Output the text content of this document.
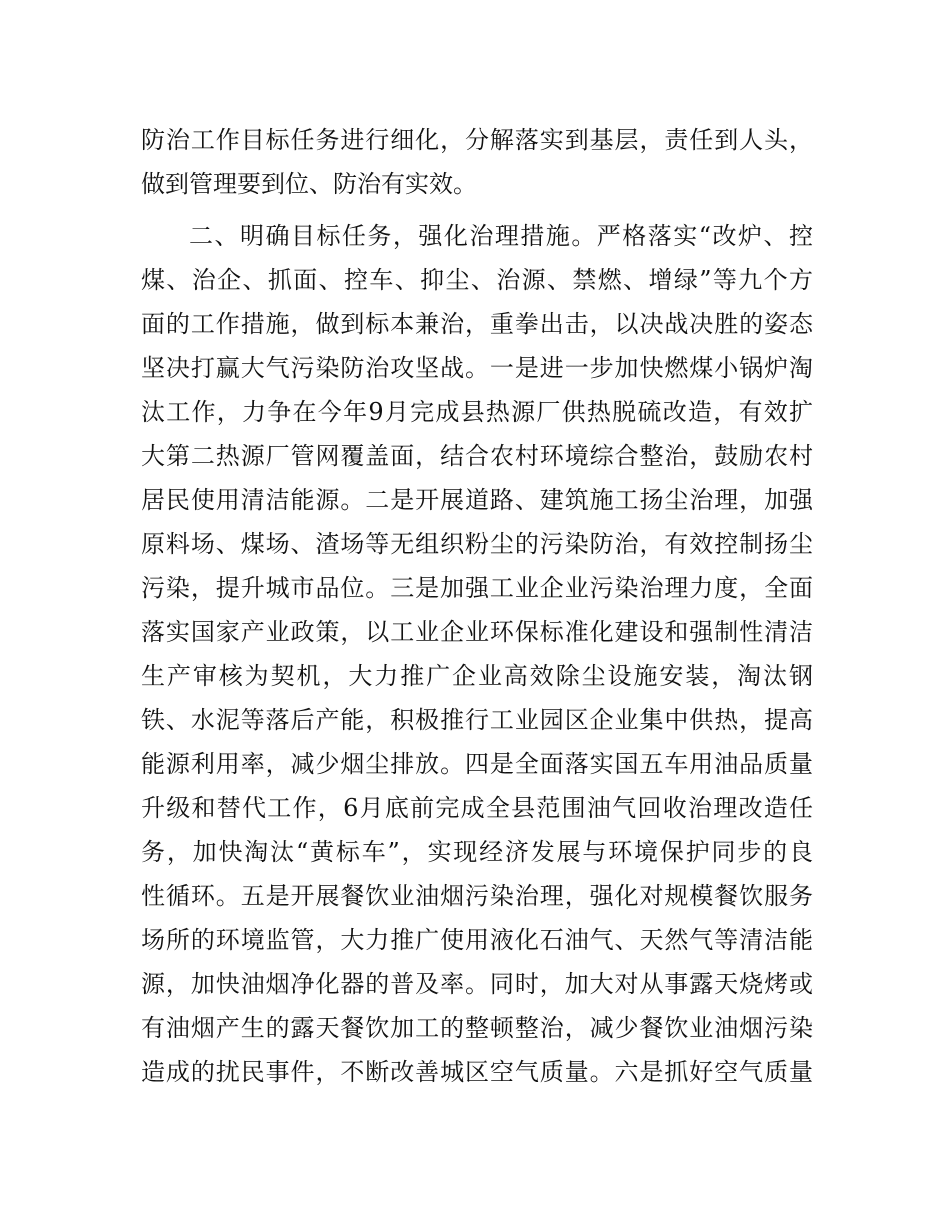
防治工作目标任务进行细化，分解落实到基层，责任到人头，
做到管理要到位、防治有实效。
二、明确目标任务，强化治理措施。严格落实“改炉、控
煤、治企、抓面、控车、抑尘、治源、禁燃、增绿”等九个方
面的工作措施，做到标本兼治，重拳出击，以决战决胜的姿态
坚决打赢大气污染防治攻坚战。一是进一步加快燃煤小锅炉淘
汰工作，力争在今年9月完成县热源厂供热脱硫改造，有效扩
大第二热源厂管网覆盖面，结合农村环境综合整治，鼓励农村
居民使用清洁能源。二是开展道路、建筑施工扬尘治理，加强
原料场、煤场、渣场等无组织粉尘的污染防治，有效控制扬尘
污染，提升城市品位。三是加强工业企业污染治理力度，全面
落实国家产业政策，以工业企业环保标准化建设和强制性清洁
生产审核为契机，大力推广企业高效除尘设施安装，淘汰钢
铁、水泥等落后产能，积极推行工业园区企业集中供热，提高
能源利用率，减少烟尘排放。四是全面落实国五车用油品质量
升级和替代工作，6月底前完成全县范围油气回收治理改造任
务，加快淘汰“黄标车”，实现经济发展与环境保护同步的良
性循环。五是开展餐饮业油烟污染治理，强化对规模餐饮服务
场所的环境监管，大力推广使用液化石油气、天然气等清洁能
源，加快油烟净化器的普及率。同时，加大对从事露天烧烤或
有油烟产生的露天餐饮加工的整顿整治，减少餐饮业油烟污染
造成的扰民事件，不断改善城区空气质量。六是抓好空气质量
